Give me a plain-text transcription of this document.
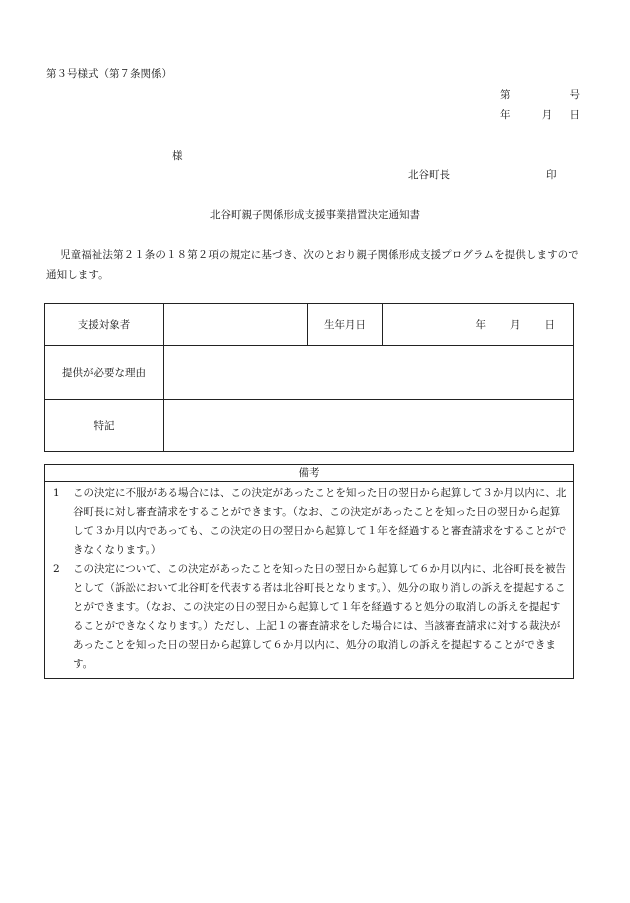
第３号様式（第７条関係）
第	号
年	月 日
様
北谷町長	印
北谷町親子関係形成支援事業措置決定通知書
児童福祉法第２１条の１８第２項の規定に基づき、次のとおり親子関係形成支援プログラムを提供しますので通知します。
支援対象者		生年月日	年 月 日
提供が必要な理由			
特記			
備考
1 この決定に不服がある場合には、この決定があったことを知った日の翌日から起算して３か月以内に、北谷町長に対し審査請求をすることができます。（なお、この決定があったことを知った日の翌日から起算して３か月以内であっても、この決定の日の翌日から起算して１年を経過すると審査請求をすることができなくなります。）
2 この決定について、この決定があったことを知った日の翌日から起算して６か月以内に、北谷町長を被告として（訴訟において北谷町を代表する者は北谷町長となります。）、処分の取り消しの訴えを提起することができます。（なお、この決定の日の翌日から起算して１年を経過すると処分の取消しの訴えを提起することができなくなります。）ただし、上記１の審査請求をした場合には、当該審査請求に対する裁決があったことを知った日の翌日から起算して６か月以内に、処分の取消しの訴えを提起することができます。
